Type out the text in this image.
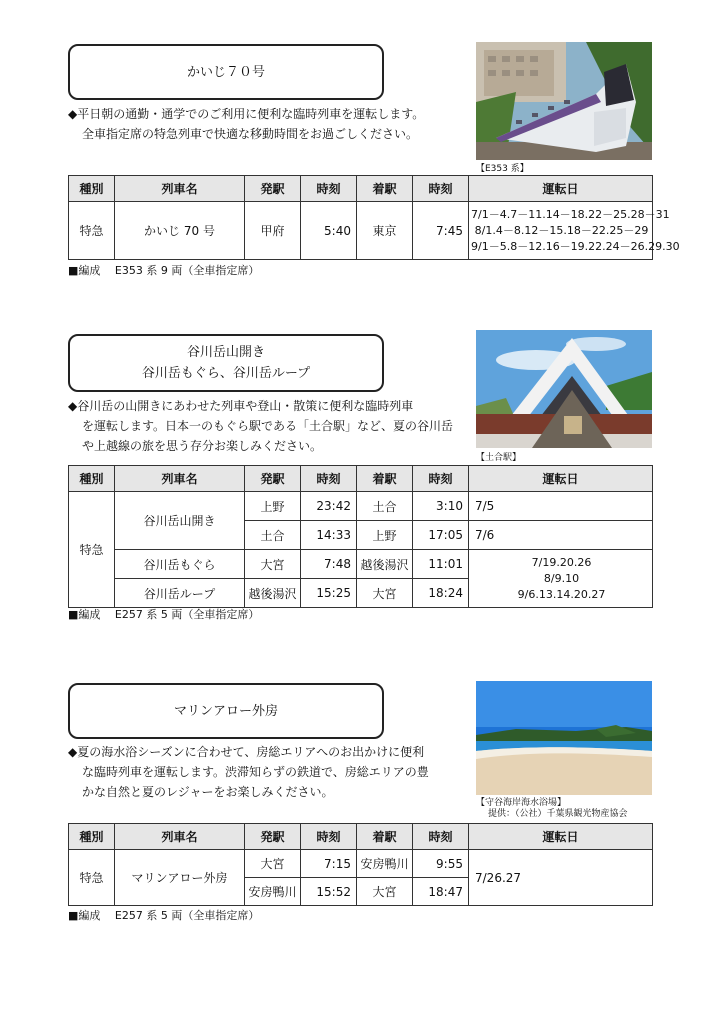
かいじ７０号
◆平日朝の通勤・通学でのご利用に便利な臨時列車を運転します。
全車指定席の特急列車で快適な移動時間をお過ごしください。
【E353 系】
種別	列車名	発駅	時刻	着駅	時刻	運転日
特急	かいじ 70 号	甲府	5:40	東京	7:45	7/1－4.7－11.14－18.22－25.28－31
8/1.4－8.12－15.18－22.25－29
9/1－5.8－12.16－19.22.24－26.29.30
■編成　 E353 系 9 両（全車指定席）
谷川岳山開き
谷川岳もぐら、谷川岳ループ
◆谷川岳の山開きにあわせた列車や登山・散策に便利な臨時列車
を運転します。日本一のもぐら駅である「土合駅」など、夏の谷川岳
や上越線の旅を思う存分お楽しみください。
【土合駅】
種別	列車名	発駅	時刻	着駅	時刻	運転日
特急	谷川岳山開き	上野	23:42	土合	3:10	7/5
		土合	14:33	上野	17:05	7/6
	谷川岳もぐら	大宮	7:48	越後湯沢	11:01	7/19.20.26
8/9.10
9/6.13.14.20.27

	谷川岳ループ	越後湯沢	15:25	大宮	18:24	
■編成　 E257 系 5 両（全車指定席）
マリンアロー外房
◆夏の海水浴シーズンに合わせて、房総エリアへのお出かけに便利
な臨時列車を運転します。渋滞知らずの鉄道で、房総エリアの豊
かな自然と夏のレジャーをお楽しみください。
【守谷海岸海水浴場】
提供：（公社）千葉県観光物産協会
種別	列車名	発駅	時刻	着駅	時刻	運転日
特急	マリンアロー外房	大宮	7:15	安房鴨川	9:55	7/26.27
		安房鴨川	15:52	大宮	18:47	
■編成　 E257 系 5 両（全車指定席）
